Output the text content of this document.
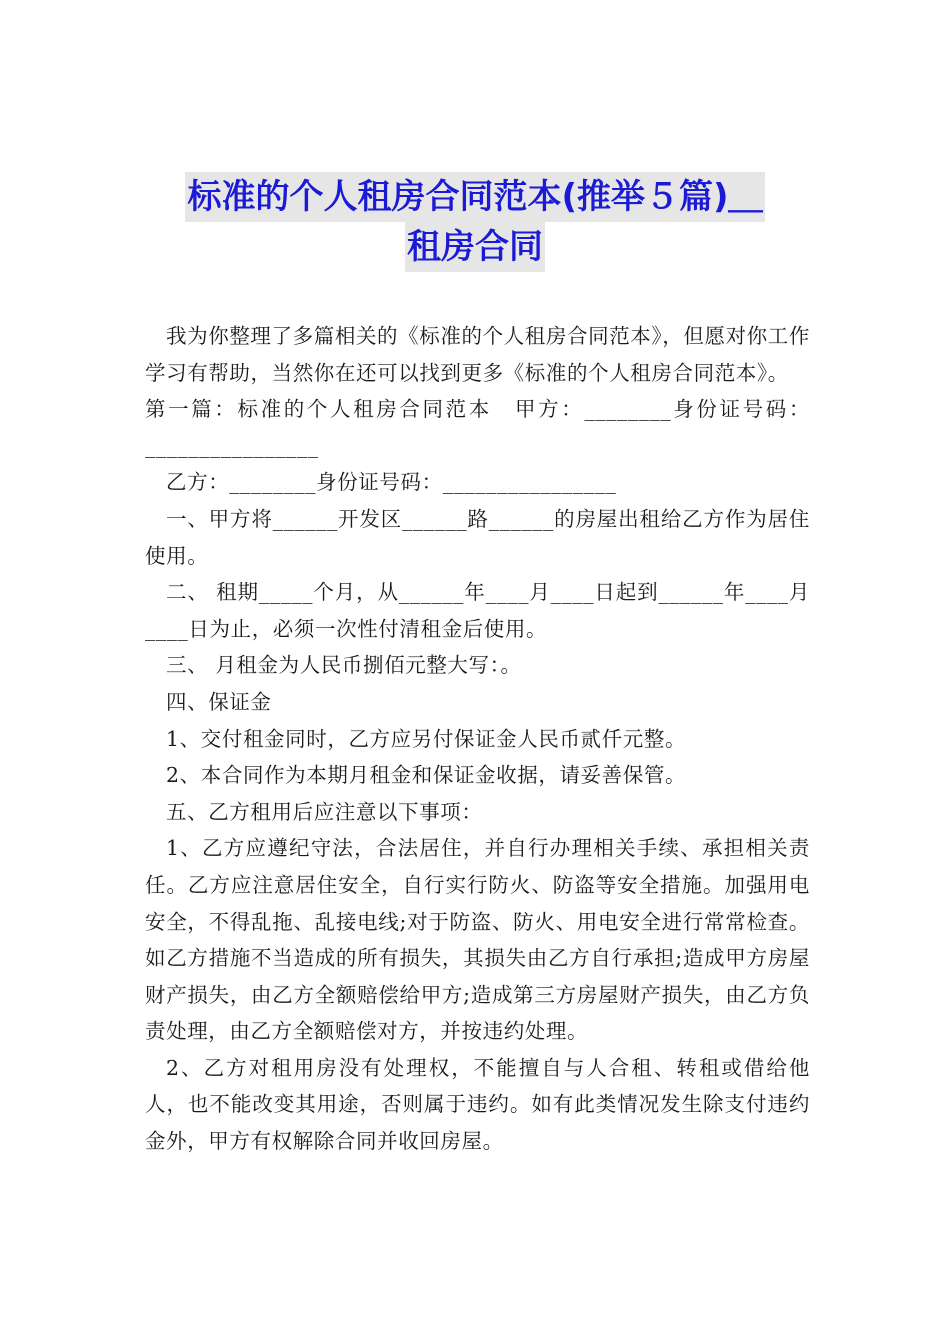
标准的个人租房合同范本(推举５篇)＿
租房合同

我为你整理了多篇相关的《标准的个人租房合同范本》，但愿对你工作学习有帮助，当然你在还可以找到更多《标准的个人租房合同范本》。

第一篇：标准的个人租房合同范本　甲方：________身份证号码：________________

乙方：________身份证号码：________________

一、甲方将______开发区______路______的房屋出租给乙方作为居住使用。

二、 租期_____个月，从______年____月____日起到______年____月____日为止，必须一次性付清租金后使用。

三、 月租金为人民币捌佰元整大写：。

四、保证金

1、交付租金同时，乙方应另付保证金人民币贰仟元整。

2、本合同作为本期月租金和保证金收据，请妥善保管。

五、乙方租用后应注意以下事项：

1、乙方应遵纪守法，合法居住，并自行办理相关手续、承担相关责任。乙方应注意居住安全，自行实行防火、防盗等安全措施。加强用电安全，不得乱拖、乱接电线;对于防盗、防火、用电安全进行常常检查。如乙方措施不当造成的所有损失，其损失由乙方自行承担;造成甲方房屋财产损失，由乙方全额赔偿给甲方;造成第三方房屋财产损失，由乙方负责处理，由乙方全额赔偿对方，并按违约处理。

2、乙方对租用房没有处理权，不能擅自与人合租、转租或借给他人，也不能改变其用途，否则属于违约。如有此类情况发生除支付违约金外，甲方有权解除合同并收回房屋。
